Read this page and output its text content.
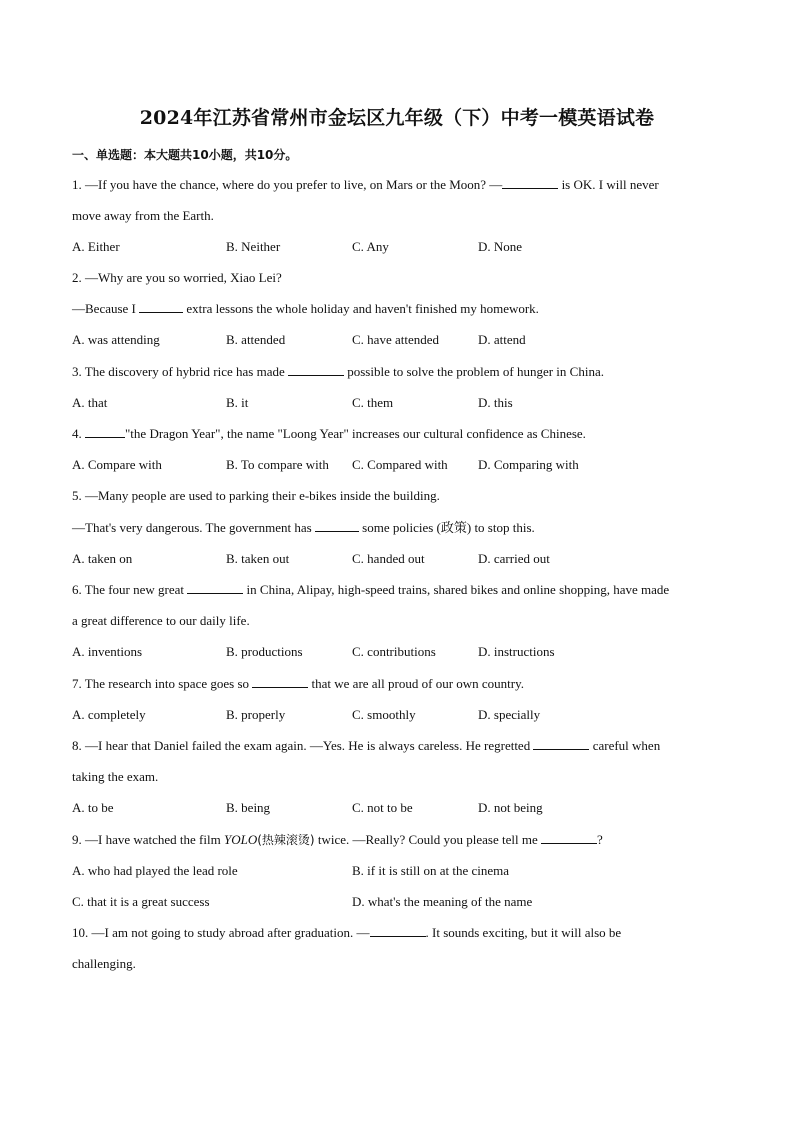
2024年江苏省常州市金坛区九年级（下）中考一模英语试卷
一、单选题：本大题共10小题，共10分。
1. —If you have the chance, where do you prefer to live, on Mars or the Moon? —	is OK. I will never
move away from the Earth.
A. Either	B. Neither	C. Any	D. None
2. —Why are you so worried, Xiao Lei?
—Because I	extra lessons the whole holiday and haven't finished my homework.
A. was attending	B. attended	C. have attended	D. attend
3. The discovery of hybrid rice has made	possible to solve the problem of hunger in China.
A. that	B. it	C. them	D. this
4.	"the Dragon Year", the name "Loong Year" increases our cultural confidence as Chinese.
A. Compare with	B. To compare with C. Compared with D. Comparing with
5. —Many people are used to parking their e-bikes inside the building.
—That's very dangerous. The government has	some policies (政策) to stop this.
A. taken on	B. taken out	C. handed out	D. carried out
6. The four new great	in China, Alipay, high-speed trains, shared bikes and online shopping, have made
a great difference to our daily life.
A. inventions	B. productions	C. contributions	D. instructions
7. The research into space goes so	that we are all proud of our own country.
A. completely	B. properly	C. smoothly	D. specially
8. —I hear that Daniel failed the exam again. —Yes. He is always careless. He regretted	careful when
taking the exam.
A. to be	B. being	C. not to be	D. not being
9. —I have watched the film YOLO(热辣滚烫) twice. —Really? Could you please tell me	?
A. who had played the lead role	B. if it is still on at the cinema
C. that it is a great success	D. what's the meaning of the name
10. —I am not going to study abroad after graduation. —	. It sounds exciting, but it will also be
challenging.
